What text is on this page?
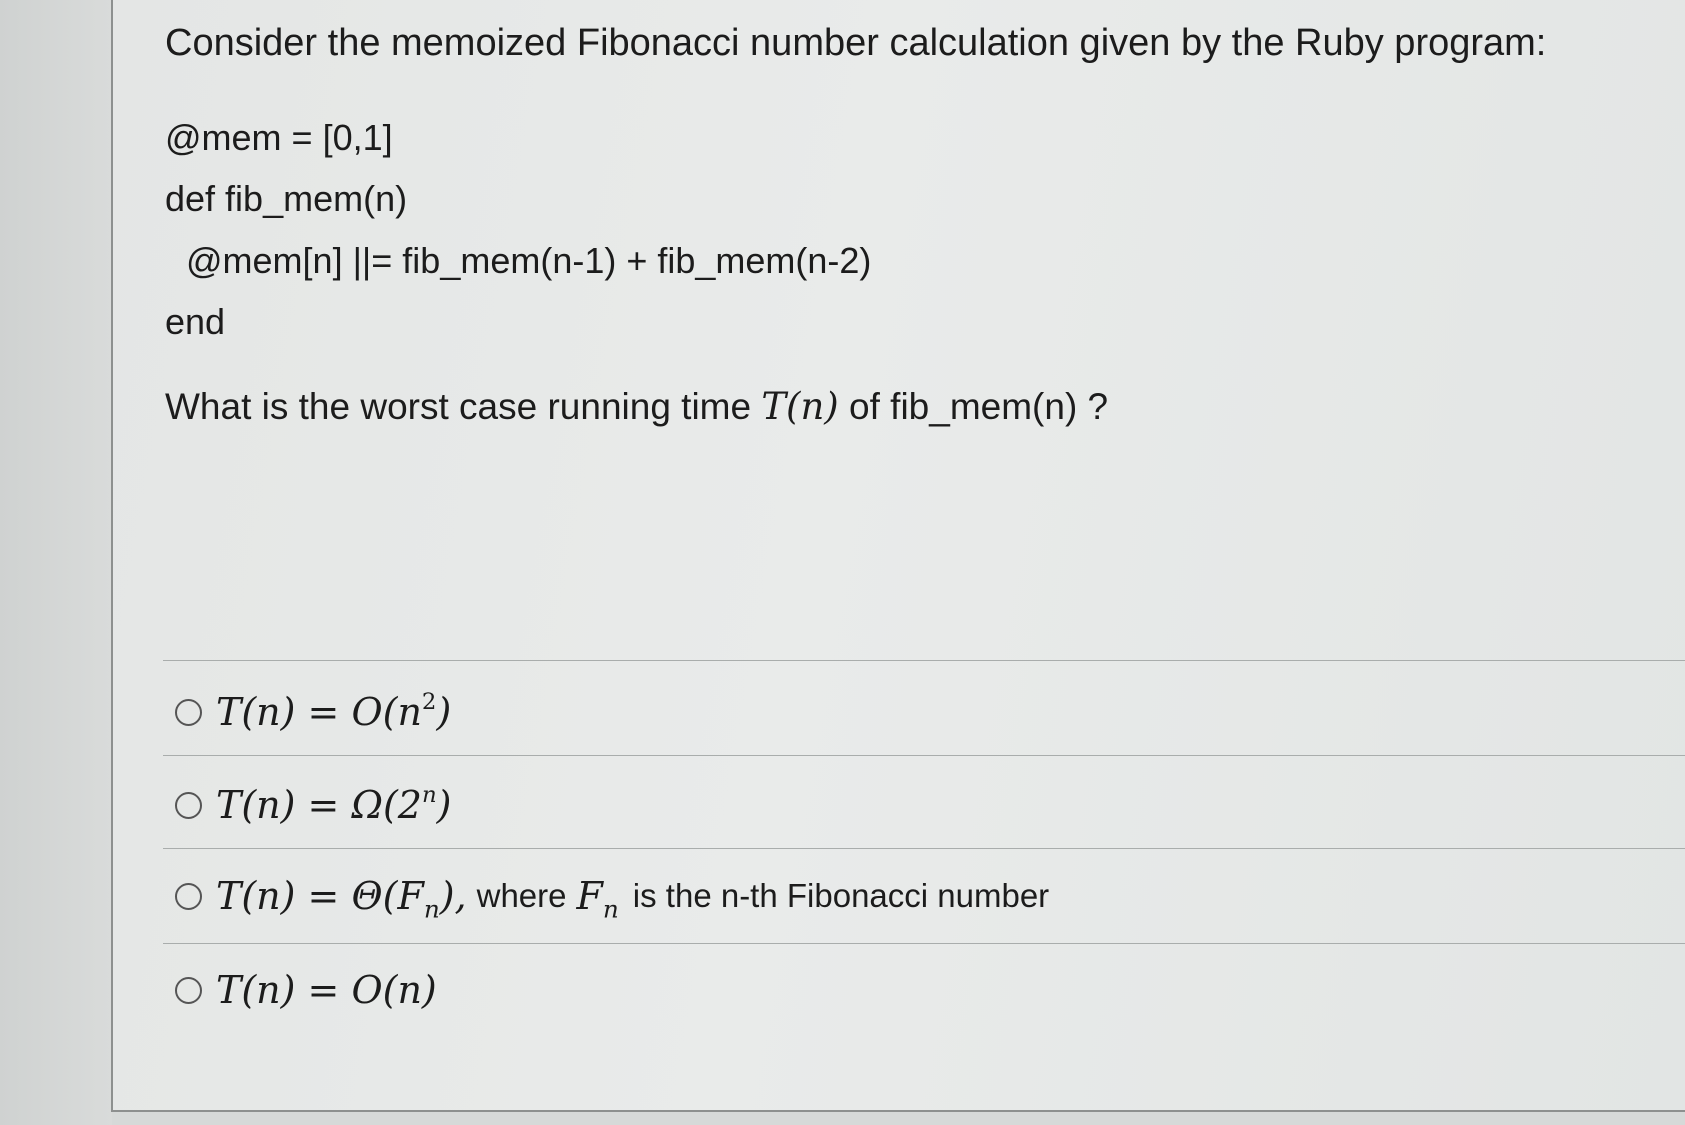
Consider the memoized Fibonacci number calculation given by the Ruby program:
@mem = [0,1]
def fib_mem(n)
@mem[n] ||= fib_mem(n-1) + fib_mem(n-2)
end
What is the worst case running time T(n) of fib_mem(n) ?
$T(n) = O(n^2)$
$T(n) = \Omega(2^n)$
$T(n) = \Theta(F_n)$, where $F_n$ is the n-th Fibonacci number
T(n) = O(n)
